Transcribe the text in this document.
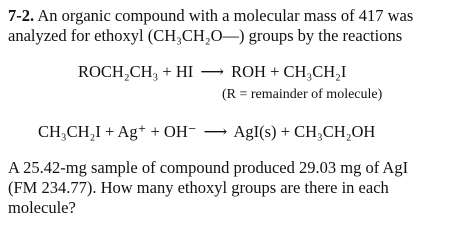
7-2. An organic compound with a molecular mass of 417 was
analyzed for ethoxyl (CH₃CH₂O—) groups by the reactions
ROCH₂CH₃ + HI ⟶ ROH + CH₃CH₂I
(R = remainder of molecule)
CH₃CH₂I + Ag⁺ + OH⁻ ⟶ AgI(s) + CH₃CH₂OH
A 25.42-mg sample of compound produced 29.03 mg of AgI
(FM 234.77). How many ethoxyl groups are there in each
molecule?
